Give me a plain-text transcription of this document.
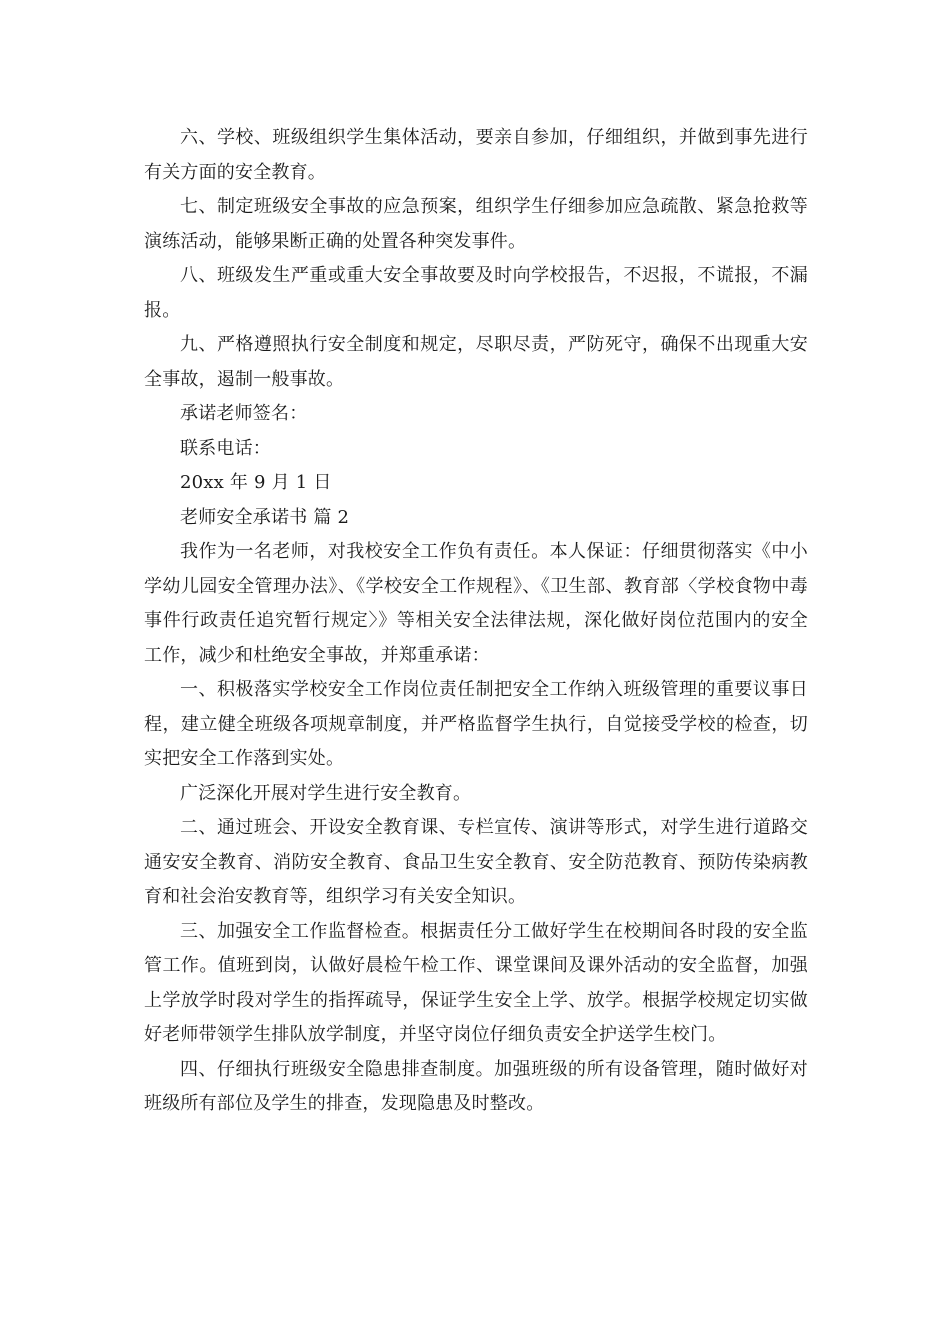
六、学校、班级组织学生集体活动，要亲自参加，仔细组织，并做到事先进行有关方面的安全教育。

七、制定班级安全事故的应急预案，组织学生仔细参加应急疏散、紧急抢救等演练活动，能够果断正确的处置各种突发事件。

八、班级发生严重或重大安全事故要及时向学校报告，不迟报，不谎报，不漏报。

九、严格遵照执行安全制度和规定，尽职尽责，严防死守，确保不出现重大安全事故，遏制一般事故。

承诺老师签名：

联系电话：

20xx 年 9 月 1 日

老师安全承诺书 篇 2

我作为一名老师，对我校安全工作负有责任。本人保证：仔细贯彻落实《中小学幼儿园安全管理办法》、《学校安全工作规程》、《卫生部、教育部〈学校食物中毒事件行政责任追究暂行规定〉》等相关安全法律法规，深化做好岗位范围内的安全工作，减少和杜绝安全事故，并郑重承诺：

一、积极落实学校安全工作岗位责任制把安全工作纳入班级管理的重要议事日程，建立健全班级各项规章制度，并严格监督学生执行，自觉接受学校的检查，切实把安全工作落到实处。

广泛深化开展对学生进行安全教育。

二、通过班会、开设安全教育课、专栏宣传、演讲等形式，对学生进行道路交通安安全教育、消防安全教育、食品卫生安全教育、安全防范教育、预防传染病教育和社会治安教育等，组织学习有关安全知识。

三、加强安全工作监督检查。根据责任分工做好学生在校期间各时段的安全监管工作。值班到岗，认做好晨检午检工作、课堂课间及课外活动的安全监督，加强上学放学时段对学生的指挥疏导，保证学生安全上学、放学。根据学校规定切实做好老师带领学生排队放学制度，并坚守岗位仔细负责安全护送学生校门。

四、仔细执行班级安全隐患排查制度。加强班级的所有设备管理，随时做好对班级所有部位及学生的排查，发现隐患及时整改。
